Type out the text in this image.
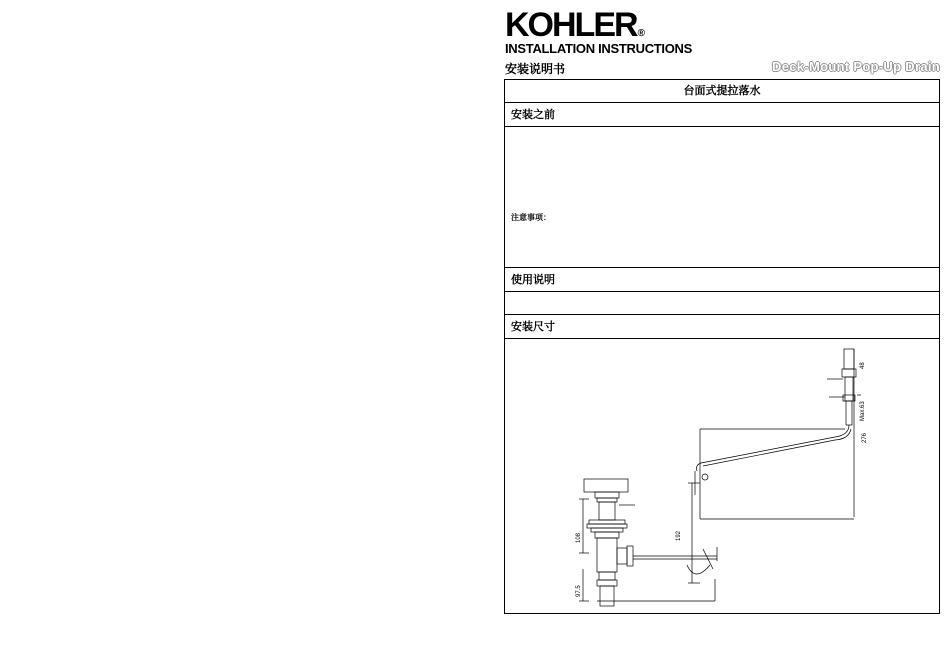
KOHLER®
INSTALLATION INSTRUCTIONS
安装说明书	Deck-Mount Pop-Up Drain
台面式提拉落水
安装之前
注意事项：
使用说明
安装尺寸
48
Max.63
276
192
108
97.5
